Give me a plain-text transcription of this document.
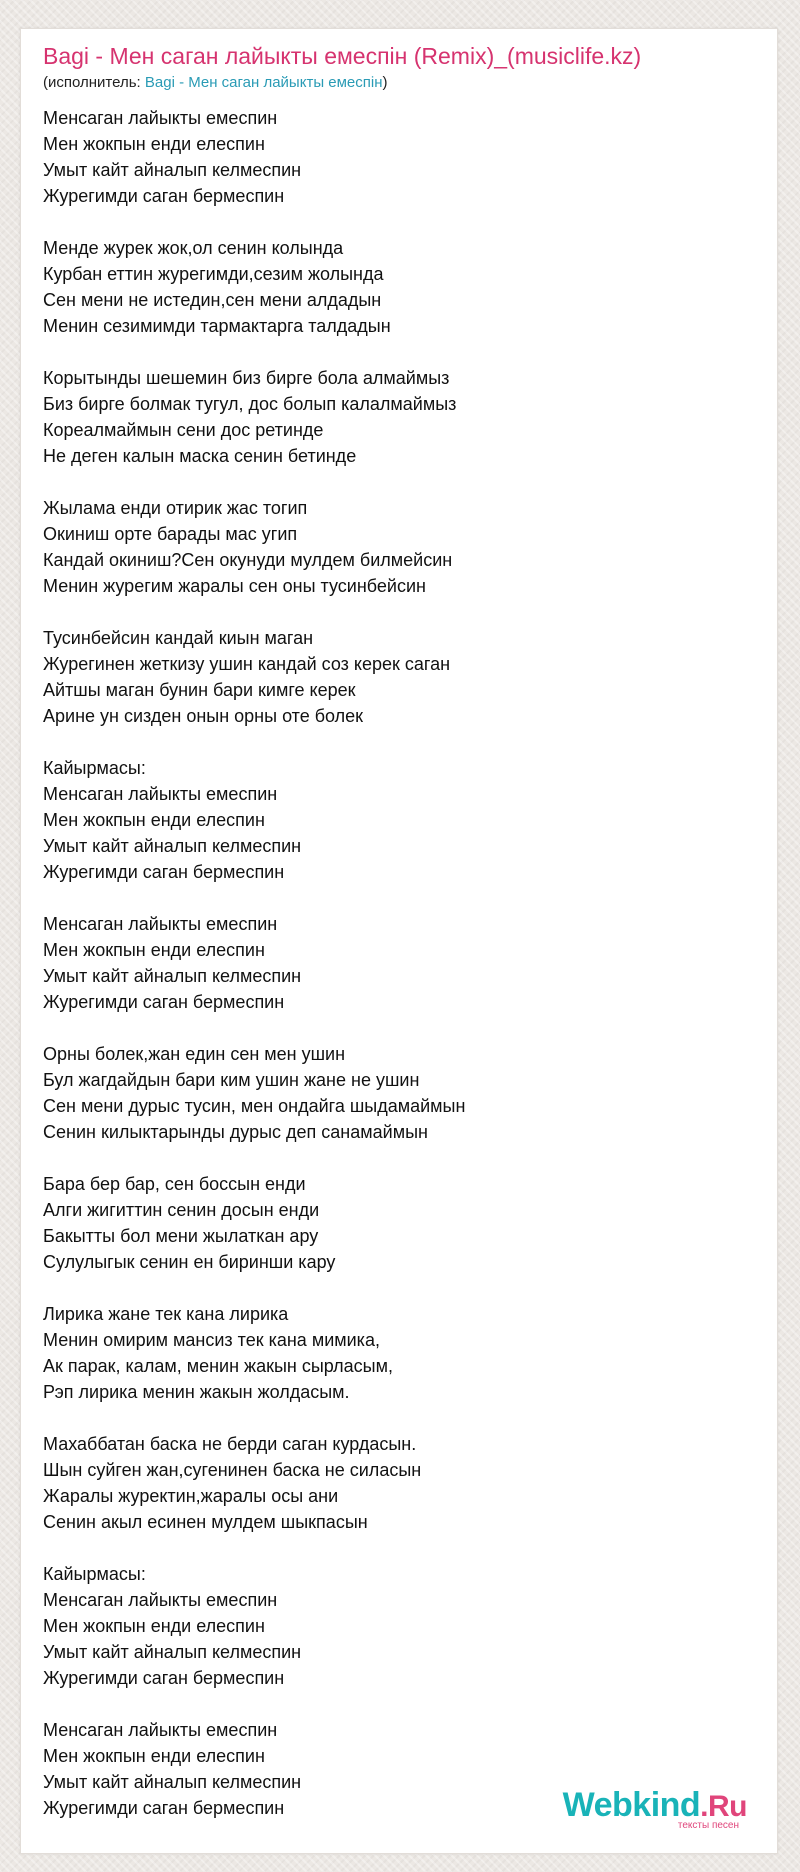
Bagi - Мен саган лайыкты емеспін (Remix)_(musiclife.kz)
(исполнитель: Bagi - Мен саган лайыкты емеспін)
Менсаган лайыкты емеспин
Мен жокпын енди елеспин
Умыт кайт айналып келмеспин
Журегимди саган бермеспин
Менде журек жок,ол сенин колында
Курбан еттин журегимди,сезим жолында
Сен мени не истедин,сен мени алдадын
Менин сезимимди тармактарга талдадын
Корытынды шешемин биз бирге бола алмаймыз
Биз бирге болмак тугул, дос болып калалмаймыз
Кореалмаймын сени дос ретинде
Не деген калын маска сенин бетинде
Жылама енди отирик жас тогип
Окиниш орте барады мас угип
Кандай окиниш?Сен окунуди мулдем билмейсин
Менин журегим жаралы сен оны тусинбейсин
Тусинбейсин кандай киын маган
Журегинен жеткизу ушин кандай соз керек саган
Айтшы маган бунин бари кимге керек
Арине ун сизден онын орны оте болек
Кайырмасы:
Менсаган лайыкты емеспин
Мен жокпын енди елеспин
Умыт кайт айналып келмеспин
Журегимди саган бермеспин
Менсаган лайыкты емеспин
Мен жокпын енди елеспин
Умыт кайт айналып келмеспин
Журегимди саган бермеспин
Орны болек,жан един сен мен ушин
Бул жагдайдын бари ким ушин жане не ушин
Сен мени дурыс тусин, мен ондайга шыдамаймын
Сенин килыктарынды дурыс деп санамаймын
Бара бер бар, сен боссын енди
Алги жигиттин сенин досын енди
Бакытты бол мени жылаткан ару
Сулулыгык сенин ен биринши кару
Лирика жане тек кана лирика
Менин омирим мансиз тек кана мимика,
Ак парак, калам, менин жакын сырласым,
Рэп лирика менин жакын жолдасым.
Махаббатан баска не берди саган курдасын.
Шын суйген жан,сугенинен баска не силасын
Жаралы журектин,жаралы осы ани
Сенин акыл есинен мулдем шыкпасын
Кайырмасы:
Менсаган лайыкты емеспин
Мен жокпын енди елеспин
Умыт кайт айналып келмеспин
Журегимди саган бермеспин
Менсаган лайыкты емеспин
Мен жокпын енди елеспин
Умыт кайт айналып келмеспин
Журегимди саган бермеспин	Webkind.Ru
тексты песен
